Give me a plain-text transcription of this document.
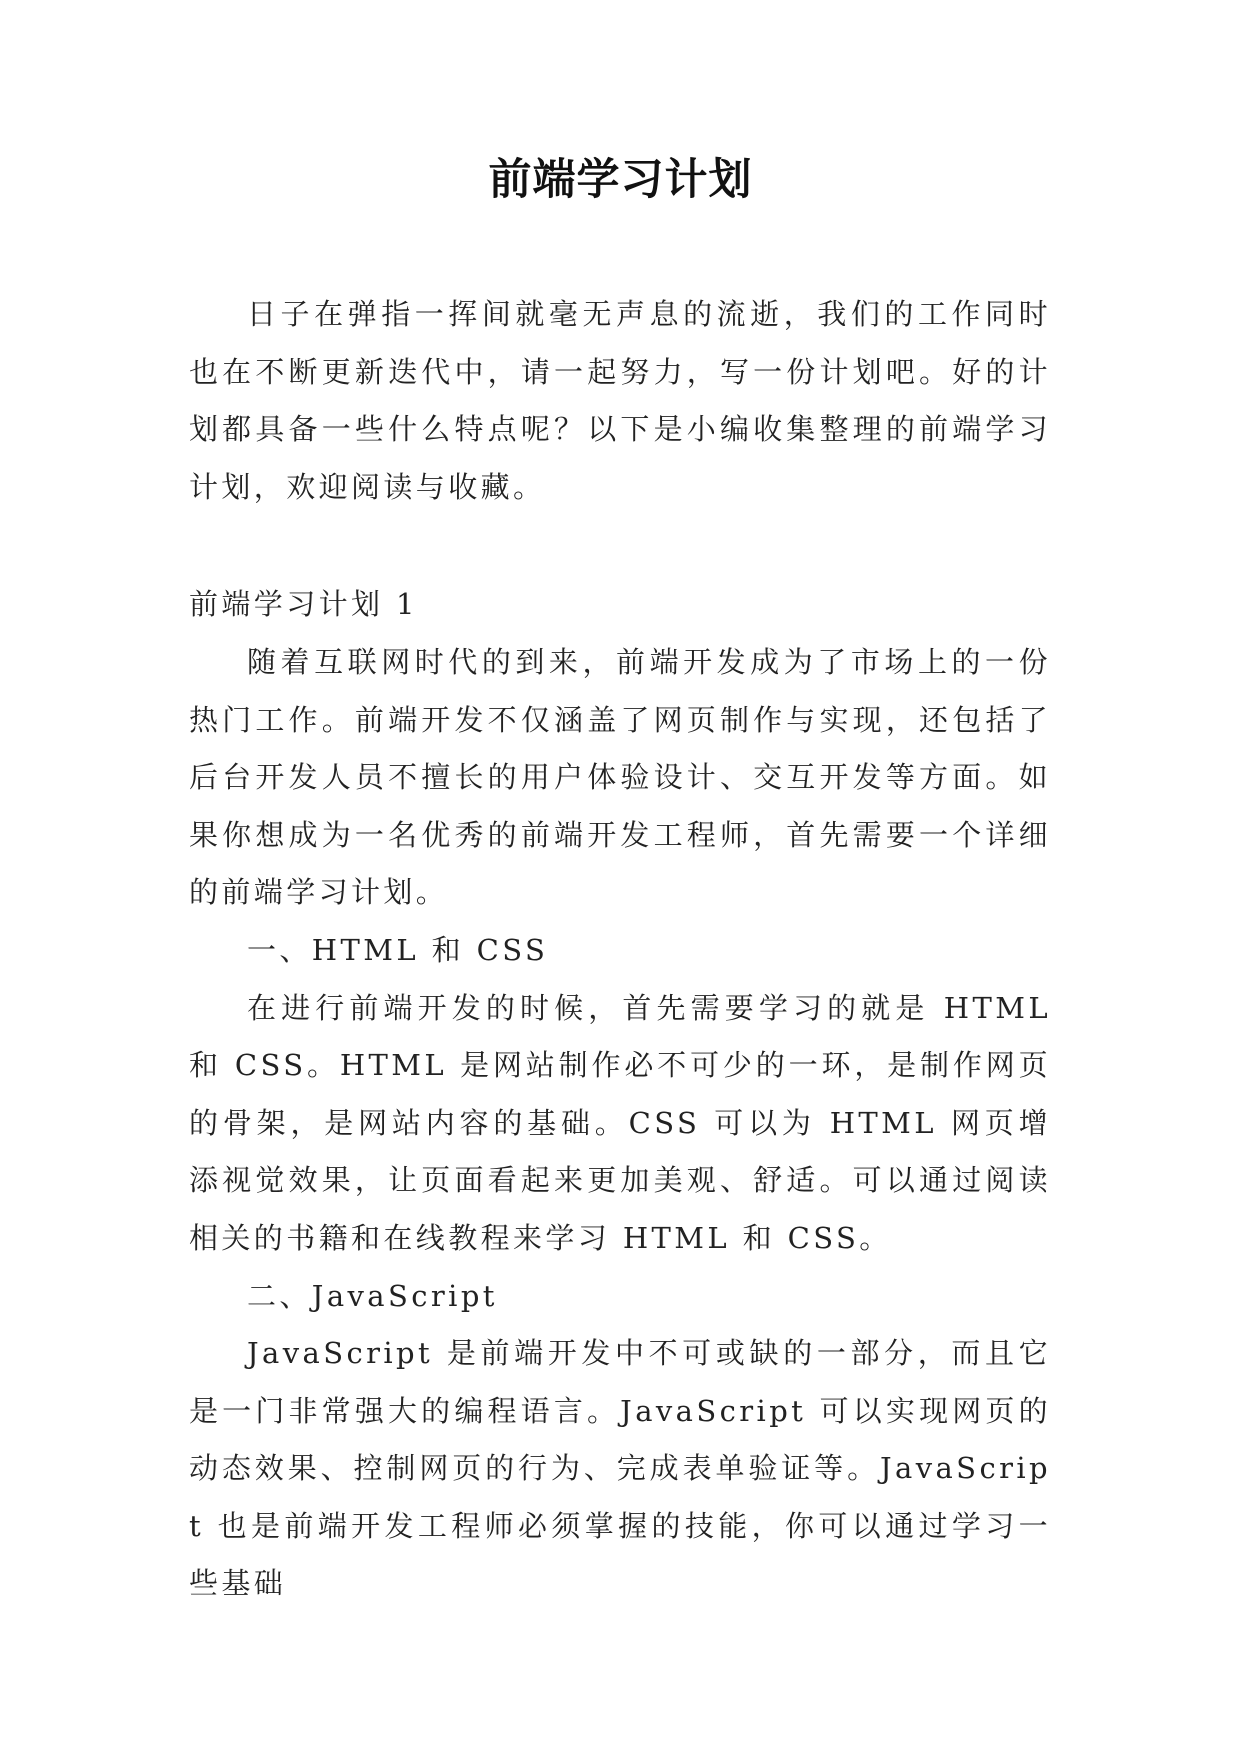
前端学习计划

日子在弹指一挥间就毫无声息的流逝，我们的工作同时也在不断更新迭代中，请一起努力，写一份计划吧。好的计划都具备一些什么特点呢？以下是小编收集整理的前端学习计划，欢迎阅读与收藏。

前端学习计划 1

随着互联网时代的到来，前端开发成为了市场上的一份热门工作。前端开发不仅涵盖了网页制作与实现，还包括了后台开发人员不擅长的用户体验设计、交互开发等方面。如果你想成为一名优秀的前端开发工程师，首先需要一个详细的前端学习计划。

一、HTML 和 CSS

在进行前端开发的时候，首先需要学习的就是 HTML 和 CSS。HTML 是网站制作必不可少的一环，是制作网页的骨架，是网站内容的基础。CSS 可以为 HTML 网页增添视觉效果，让页面看起来更加美观、舒适。可以通过阅读相关的书籍和在线教程来学习 HTML 和 CSS。

二、JavaScript

JavaScript 是前端开发中不可或缺的一部分，而且它是一门非常强大的编程语言。JavaScript 可以实现网页的动态效果、控制网页的行为、完成表单验证等。JavaScript 也是前端开发工程师必须掌握的技能，你可以通过学习一些基础
